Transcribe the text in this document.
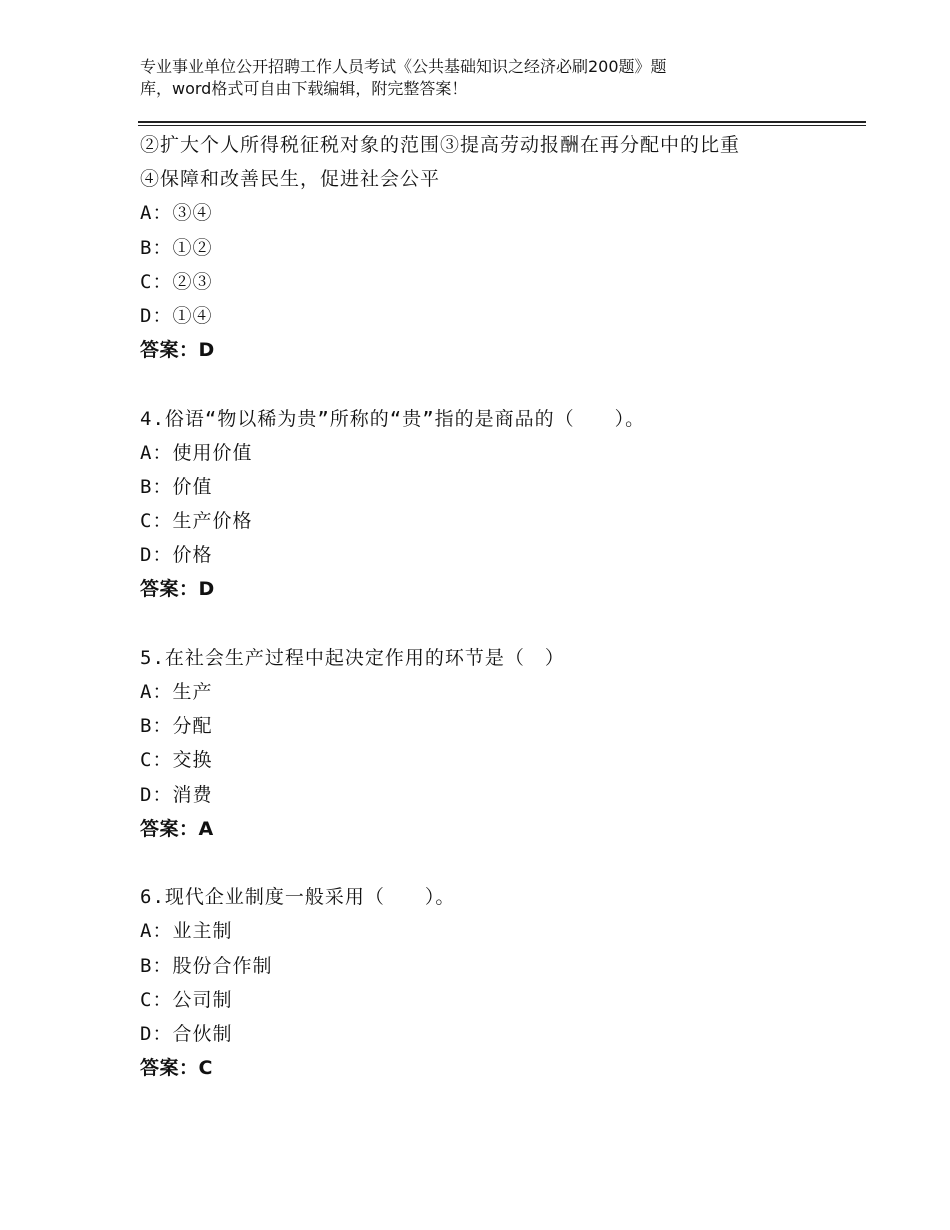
专业事业单位公开招聘工作人员考试《公共基础知识之经济必刷200题》题
库，word格式可自由下载编辑，附完整答案！
②扩大个人所得税征税对象的范围③提高劳动报酬在再分配中的比重
④保障和改善民生，促进社会公平
A：③④
B：①②
C：②③
D：①④
答案：D
4.俗语“物以稀为贵”所称的“贵”指的是商品的（　　）。
A：使用价值
B：价值
C：生产价格
D：价格
答案：D
5.在社会生产过程中起决定作用的环节是（　）
A：生产
B：分配
C：交换
D：消费
答案：A
6.现代企业制度一般采用（　　）。
A：业主制
B：股份合作制
C：公司制
D：合伙制
答案：C
